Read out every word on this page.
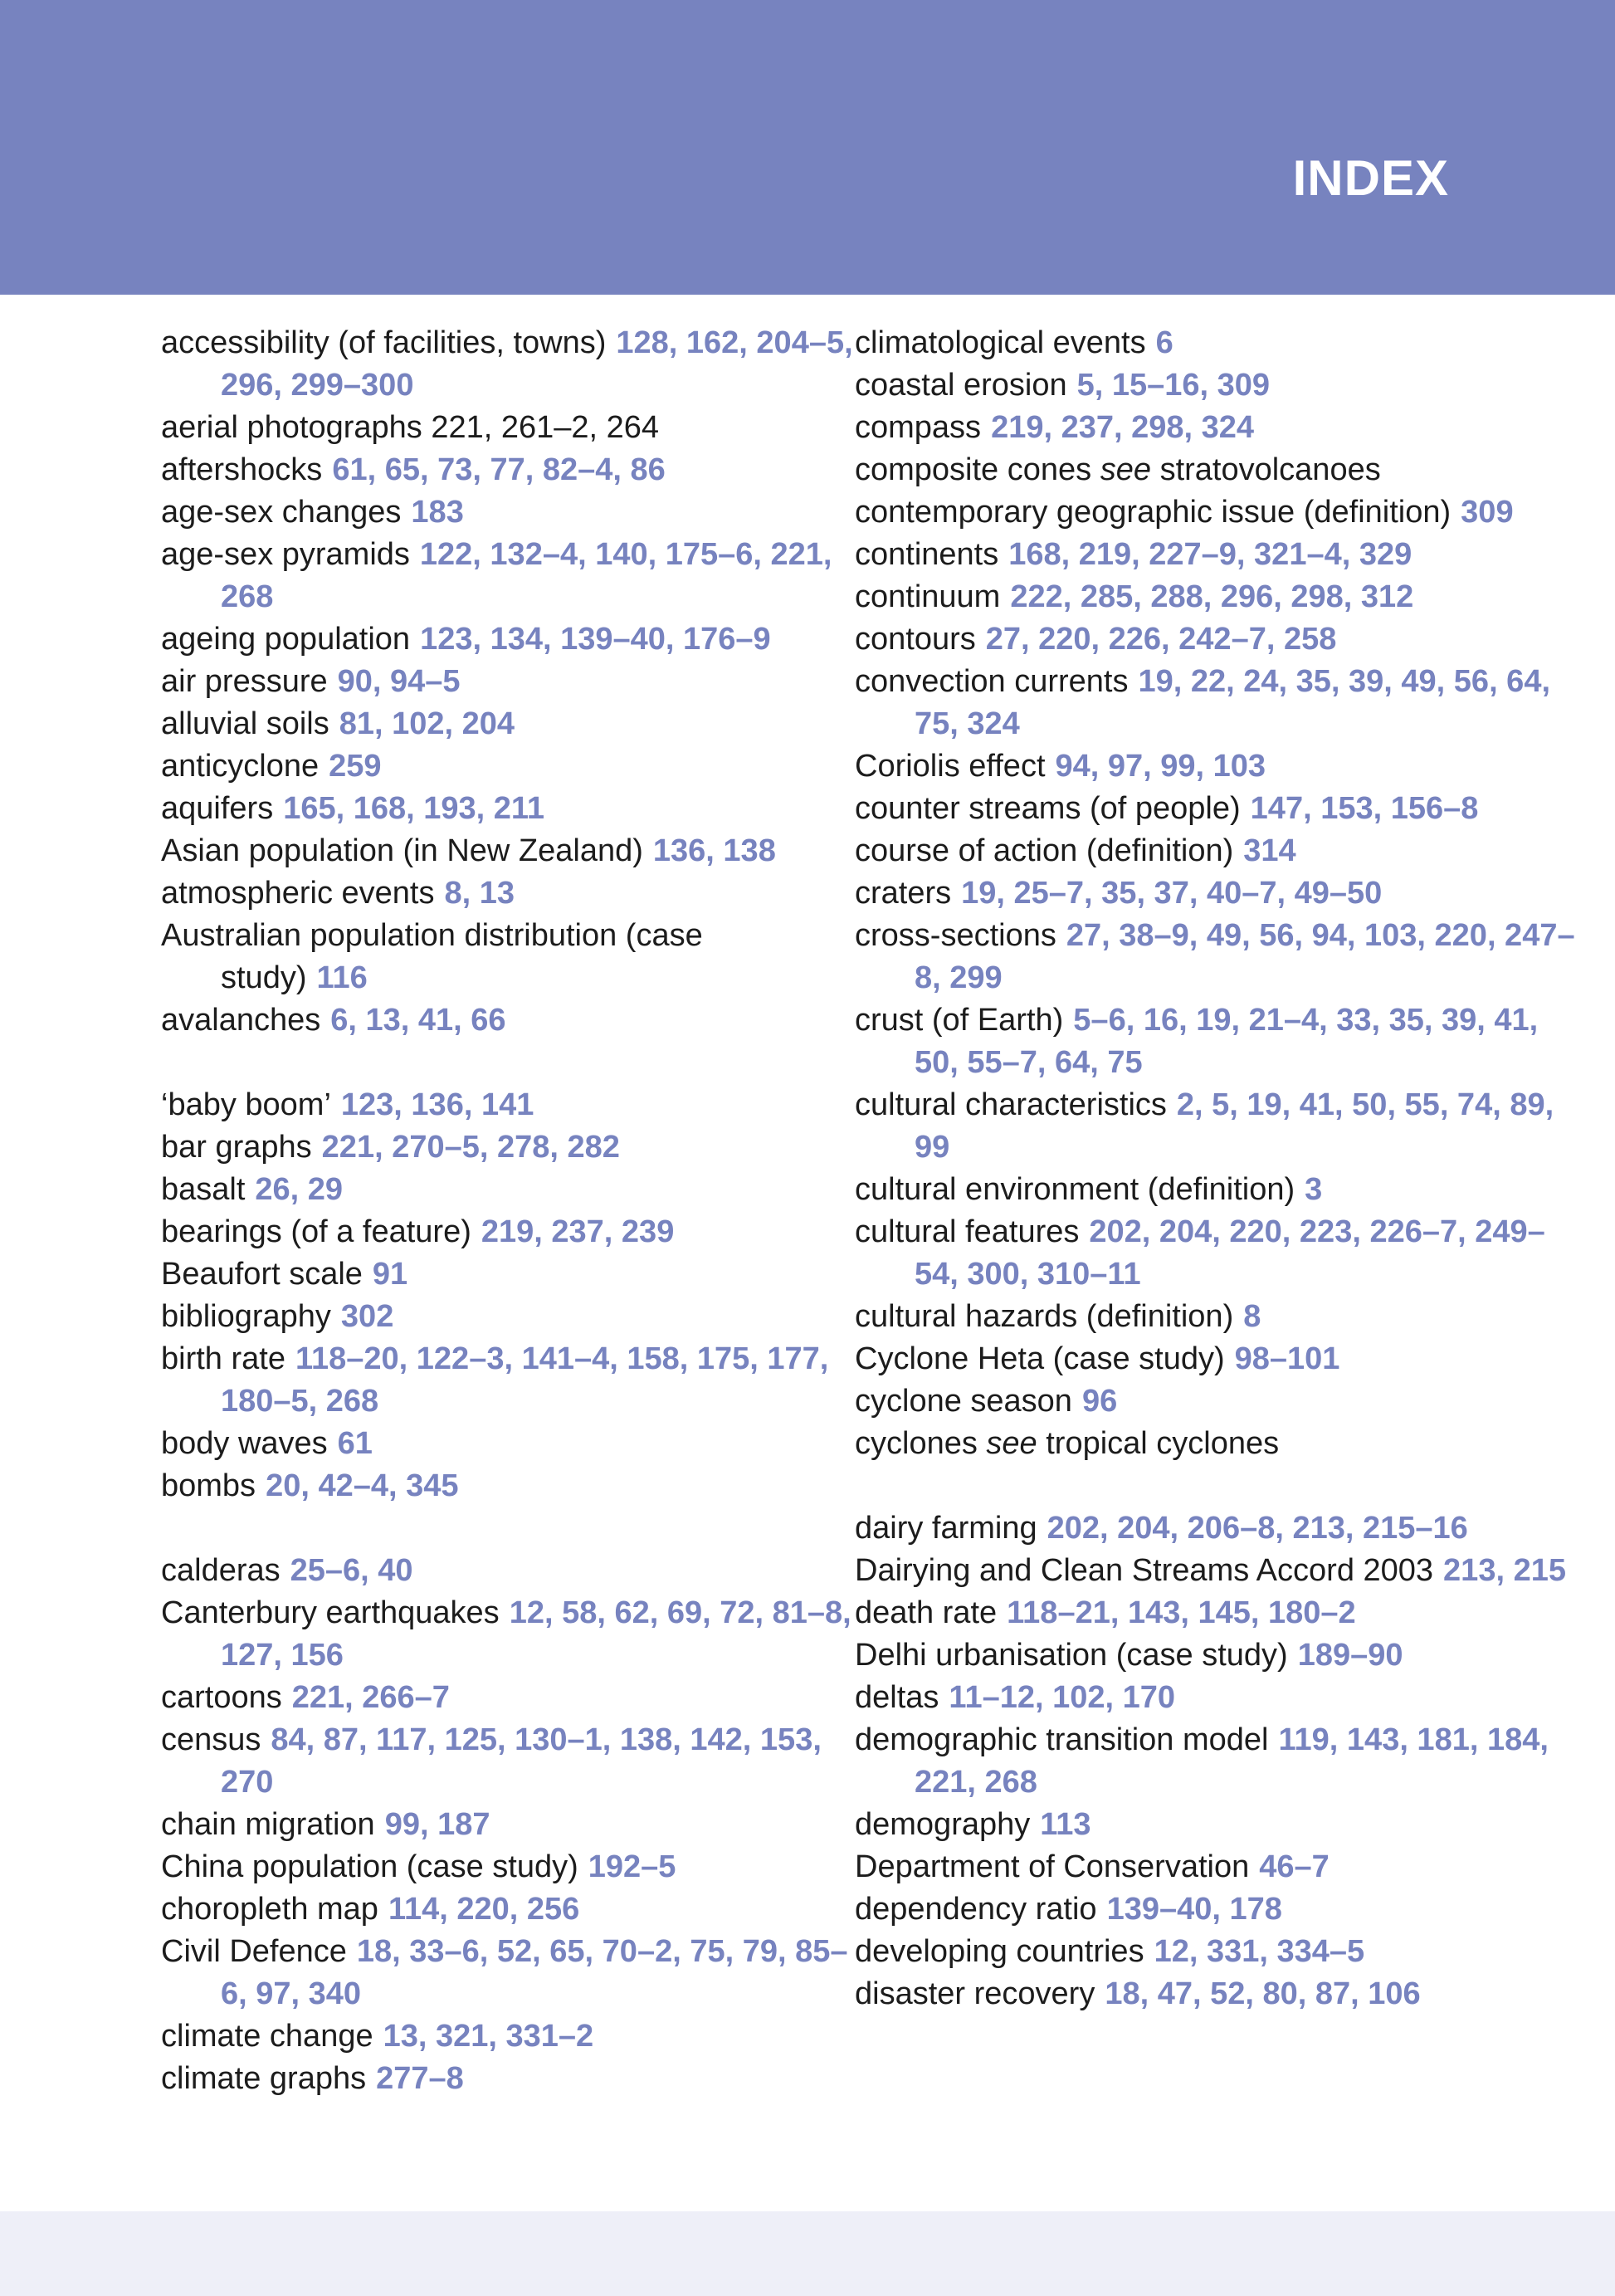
INDEX
accessibility (of facilities, towns) 128, 162, 204–5, 296, 299–300
aerial photographs 221, 261–2, 264
aftershocks 61, 65, 73, 77, 82–4, 86
age-sex changes 183
age-sex pyramids 122, 132–4, 140, 175–6, 221, 268
ageing population 123, 134, 139–40, 176–9
air pressure 90, 94–5
alluvial soils 81, 102, 204
anticyclone 259
aquifers 165, 168, 193, 211
Asian population (in New Zealand) 136, 138
atmospheric events 8, 13
Australian population distribution (case study) 116
avalanches 6, 13, 41, 66
‘baby boom’ 123, 136, 141
bar graphs 221, 270–5, 278, 282
basalt 26, 29
bearings (of a feature) 219, 237, 239
Beaufort scale 91
bibliography 302
birth rate 118–20, 122–3, 141–4, 158, 175, 177, 180–5, 268
body waves 61
bombs 20, 42–4, 345
calderas 25–6, 40
Canterbury earthquakes 12, 58, 62, 69, 72, 81–8, 127, 156
cartoons 221, 266–7
census 84, 87, 117, 125, 130–1, 138, 142, 153, 270
chain migration 99, 187
China population (case study) 192–5
choropleth map 114, 220, 256
Civil Defence 18, 33–6, 52, 65, 70–2, 75, 79, 85–6, 97, 340
climate change 13, 321, 331–2
climate graphs 277–8
climatological events 6
coastal erosion 5, 15–16, 309
compass 219, 237, 298, 324
composite cones see stratovolcanoes
contemporary geographic issue (definition) 309
continents 168, 219, 227–9, 321–4, 329
continuum 222, 285, 288, 296, 298, 312
contours 27, 220, 226, 242–7, 258
convection currents 19, 22, 24, 35, 39, 49, 56, 64, 75, 324
Coriolis effect 94, 97, 99, 103
counter streams (of people) 147, 153, 156–8
course of action (definition) 314
craters 19, 25–7, 35, 37, 40–7, 49–50
cross-sections 27, 38–9, 49, 56, 94, 103, 220, 247–8, 299
crust (of Earth) 5–6, 16, 19, 21–4, 33, 35, 39, 41, 50, 55–7, 64, 75
cultural characteristics 2, 5, 19, 41, 50, 55, 74, 89, 99
cultural environment (definition) 3
cultural features 202, 204, 220, 223, 226–7, 249–54, 300, 310–11
cultural hazards (definition) 8
Cyclone Heta (case study) 98–101
cyclone season 96
cyclones see tropical cyclones
dairy farming 202, 204, 206–8, 213, 215–16
Dairying and Clean Streams Accord 2003 213, 215
death rate 118–21, 143, 145, 180–2
Delhi urbanisation (case study) 189–90
deltas 11–12, 102, 170
demographic transition model 119, 143, 181, 184, 221, 268
demography 113
Department of Conservation 46–7
dependency ratio 139–40, 178
developing countries 12, 331, 334–5
disaster recovery 18, 47, 52, 80, 87, 106
